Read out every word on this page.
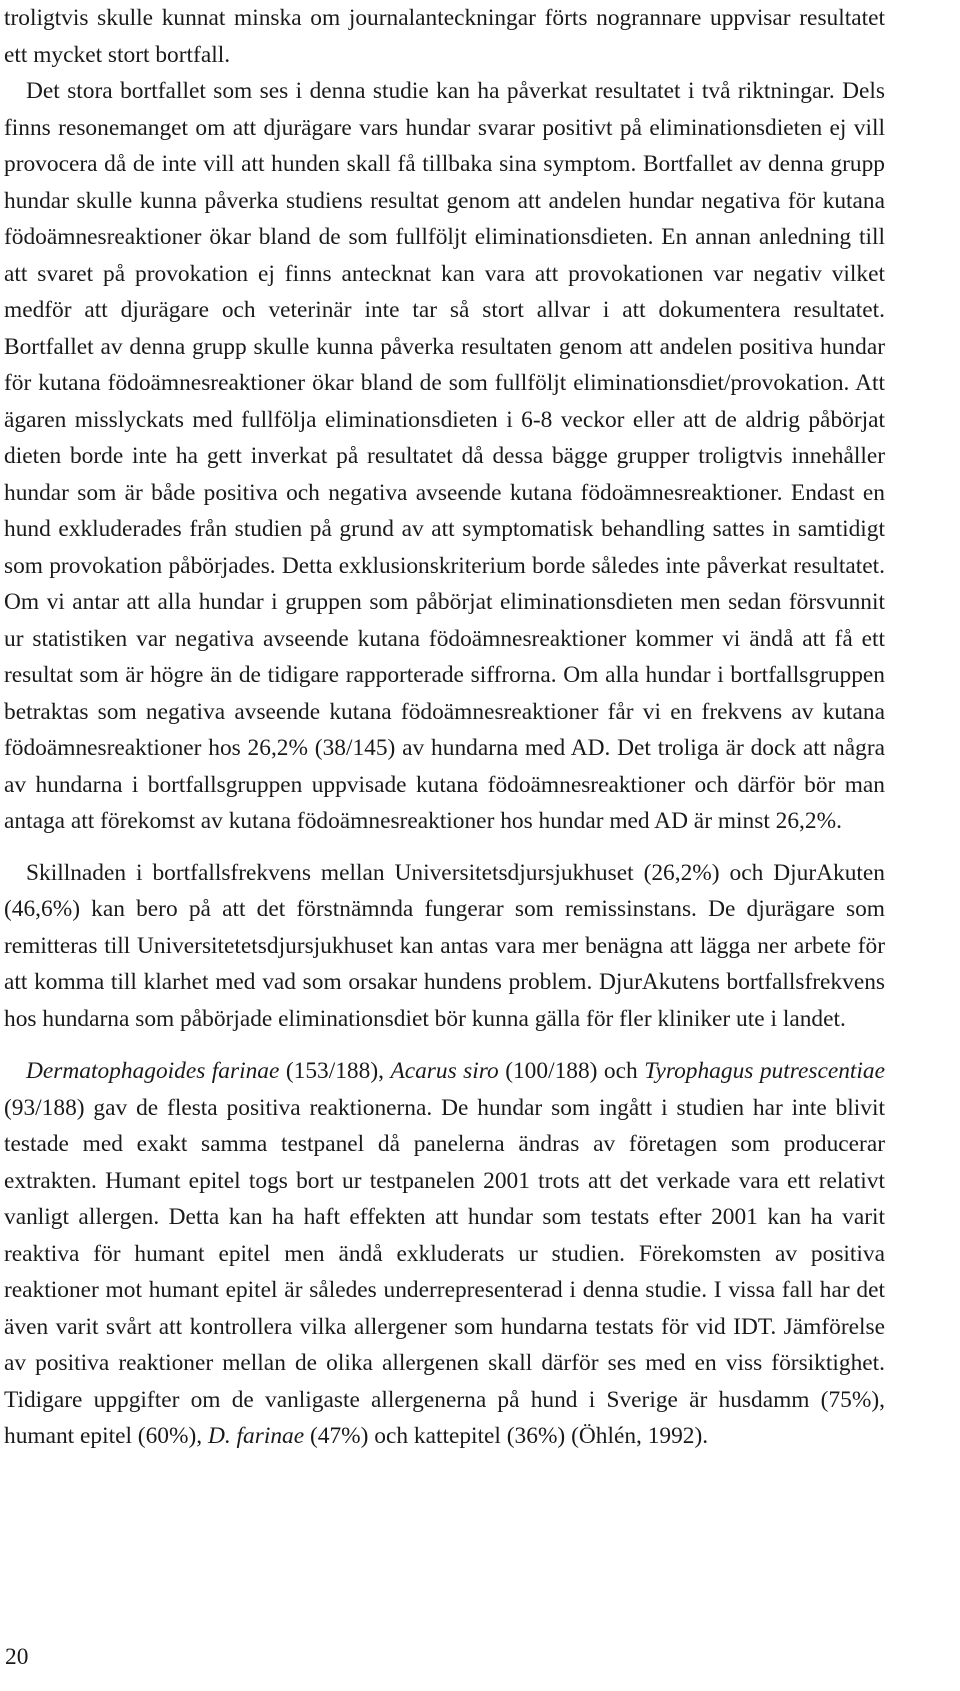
troligtvis skulle kunnat minska om journalanteckningar förts nogrannare uppvisar resultatet ett mycket stort bortfall.

Det stora bortfallet som ses i denna studie kan ha påverkat resultatet i två riktningar. Dels finns resonemanget om att djurägare vars hundar svarar positivt på eliminationsdieten ej vill provocera då de inte vill att hunden skall få tillbaka sina symptom. Bortfallet av denna grupp hundar skulle kunna påverka studiens resultat genom att andelen hundar negativa för kutana födoämnesreaktioner ökar bland de som fullföljt eliminationsdieten. En annan anledning till att svaret på provokation ej finns antecknat kan vara att provokationen var negativ vilket medför att djurägare och veterinär inte tar så stort allvar i att dokumentera resultatet. Bortfallet av denna grupp skulle kunna påverka resultaten genom att andelen positiva hundar för kutana födoämnesreaktioner ökar bland de som fullföljt eliminationsdiet/provokation. Att ägaren misslyckats med fullfölja eliminationsdieten i 6-8 veckor eller att de aldrig påbörjat dieten borde inte ha gett inverkat på resultatet då dessa bägge grupper troligtvis innehåller hundar som är både positiva och negativa avseende kutana födoämnesreaktioner. Endast en hund exkluderades från studien på grund av att symptomatisk behandling sattes in samtidigt som provokation påbörjades. Detta exklusionskriterium borde således inte påverkat resultatet. Om vi antar att alla hundar i gruppen som påbörjat eliminationsdieten men sedan försvunnit ur statistiken var negativa avseende kutana födoämnesreaktioner kommer vi ändå att få ett resultat som är högre än de tidigare rapporterade siffrorna. Om alla hundar i bortfallsgruppen betraktas som negativa avseende kutana födoämnesreaktioner får vi en frekvens av kutana födoämnesreaktioner hos 26,2% (38/145) av hundarna med AD. Det troliga är dock att några av hundarna i bortfallsgruppen uppvisade kutana födoämnesreaktioner och därför bör man antaga att förekomst av kutana födoämnesreaktioner hos hundar med AD är minst 26,2%.

Skillnaden i bortfallsfrekvens mellan Universitetsdjursjukhuset (26,2%) och DjurAkuten (46,6%) kan bero på att det förstnämnda fungerar som remissinstans. De djurägare som remitteras till Universitetetsdjursjukhuset kan antas vara mer benägna att lägga ner arbete för att komma till klarhet med vad som orsakar hundens problem. DjurAkutens bortfallsfrekvens hos hundarna som påbörjade eliminationsdiet bör kunna gälla för fler kliniker ute i landet.

Dermatophagoides farinae (153/188), Acarus siro (100/188) och Tyrophagus putrescentiae (93/188) gav de flesta positiva reaktionerna. De hundar som ingått i studien har inte blivit testade med exakt samma testpanel då panelerna ändras av företagen som producerar extrakten. Humant epitel togs bort ur testpanelen 2001 trots att det verkade vara ett relativt vanligt allergen. Detta kan ha haft effekten att hundar som testats efter 2001 kan ha varit reaktiva för humant epitel men ändå exkluderats ur studien. Förekomsten av positiva reaktioner mot humant epitel är således underrepresenterad i denna studie. I vissa fall har det även varit svårt att kontrollera vilka allergener som hundarna testats för vid IDT. Jämförelse av positiva reaktioner mellan de olika allergenen skall därför ses med en viss försiktighet. Tidigare uppgifter om de vanligaste allergenerna på hund i Sverige är husdamm (75%), humant epitel (60%), D. farinae (47%) och kattepitel (36%) (Öhlén, 1992).

20
